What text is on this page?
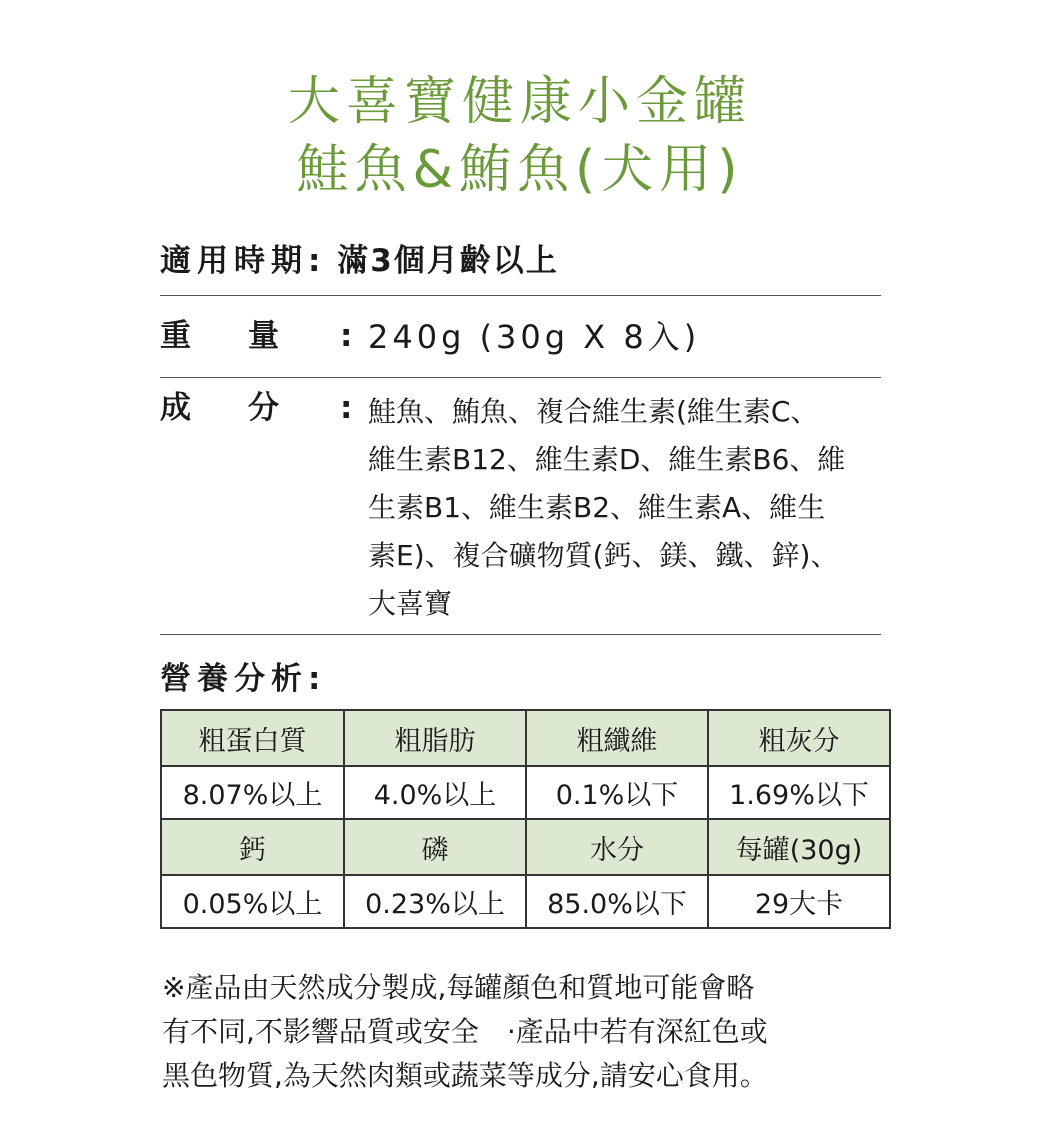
大喜寶健康小金罐
鮭魚&鮪魚(犬用)
適用時期: 滿3個月齡以上
重 量 : 240g (30g X 8入)
成 分 : 鮭魚、鮪魚、複合維生素(維生素C、
維生素B12、維生素D、維生素B6、維
生素B1、維生素B2、維生素A、維生
素E)、複合礦物質(鈣、鎂、鐵、鋅)、
大喜寶
營養分析:
粗蛋白質	粗脂肪	粗纖維	粗灰分
8.07%以上	4.0%以上	0.1%以下	1.69%以下
鈣	磷	水分	每罐(30g)
0.05%以上	0.23%以上	85.0%以下	29大卡
※產品由天然成分製成,每罐顏色和質地可能會略
有不同,不影響品質或安全　·產品中若有深紅色或
黑色物質,為天然肉類或蔬菜等成分,請安心食用。
